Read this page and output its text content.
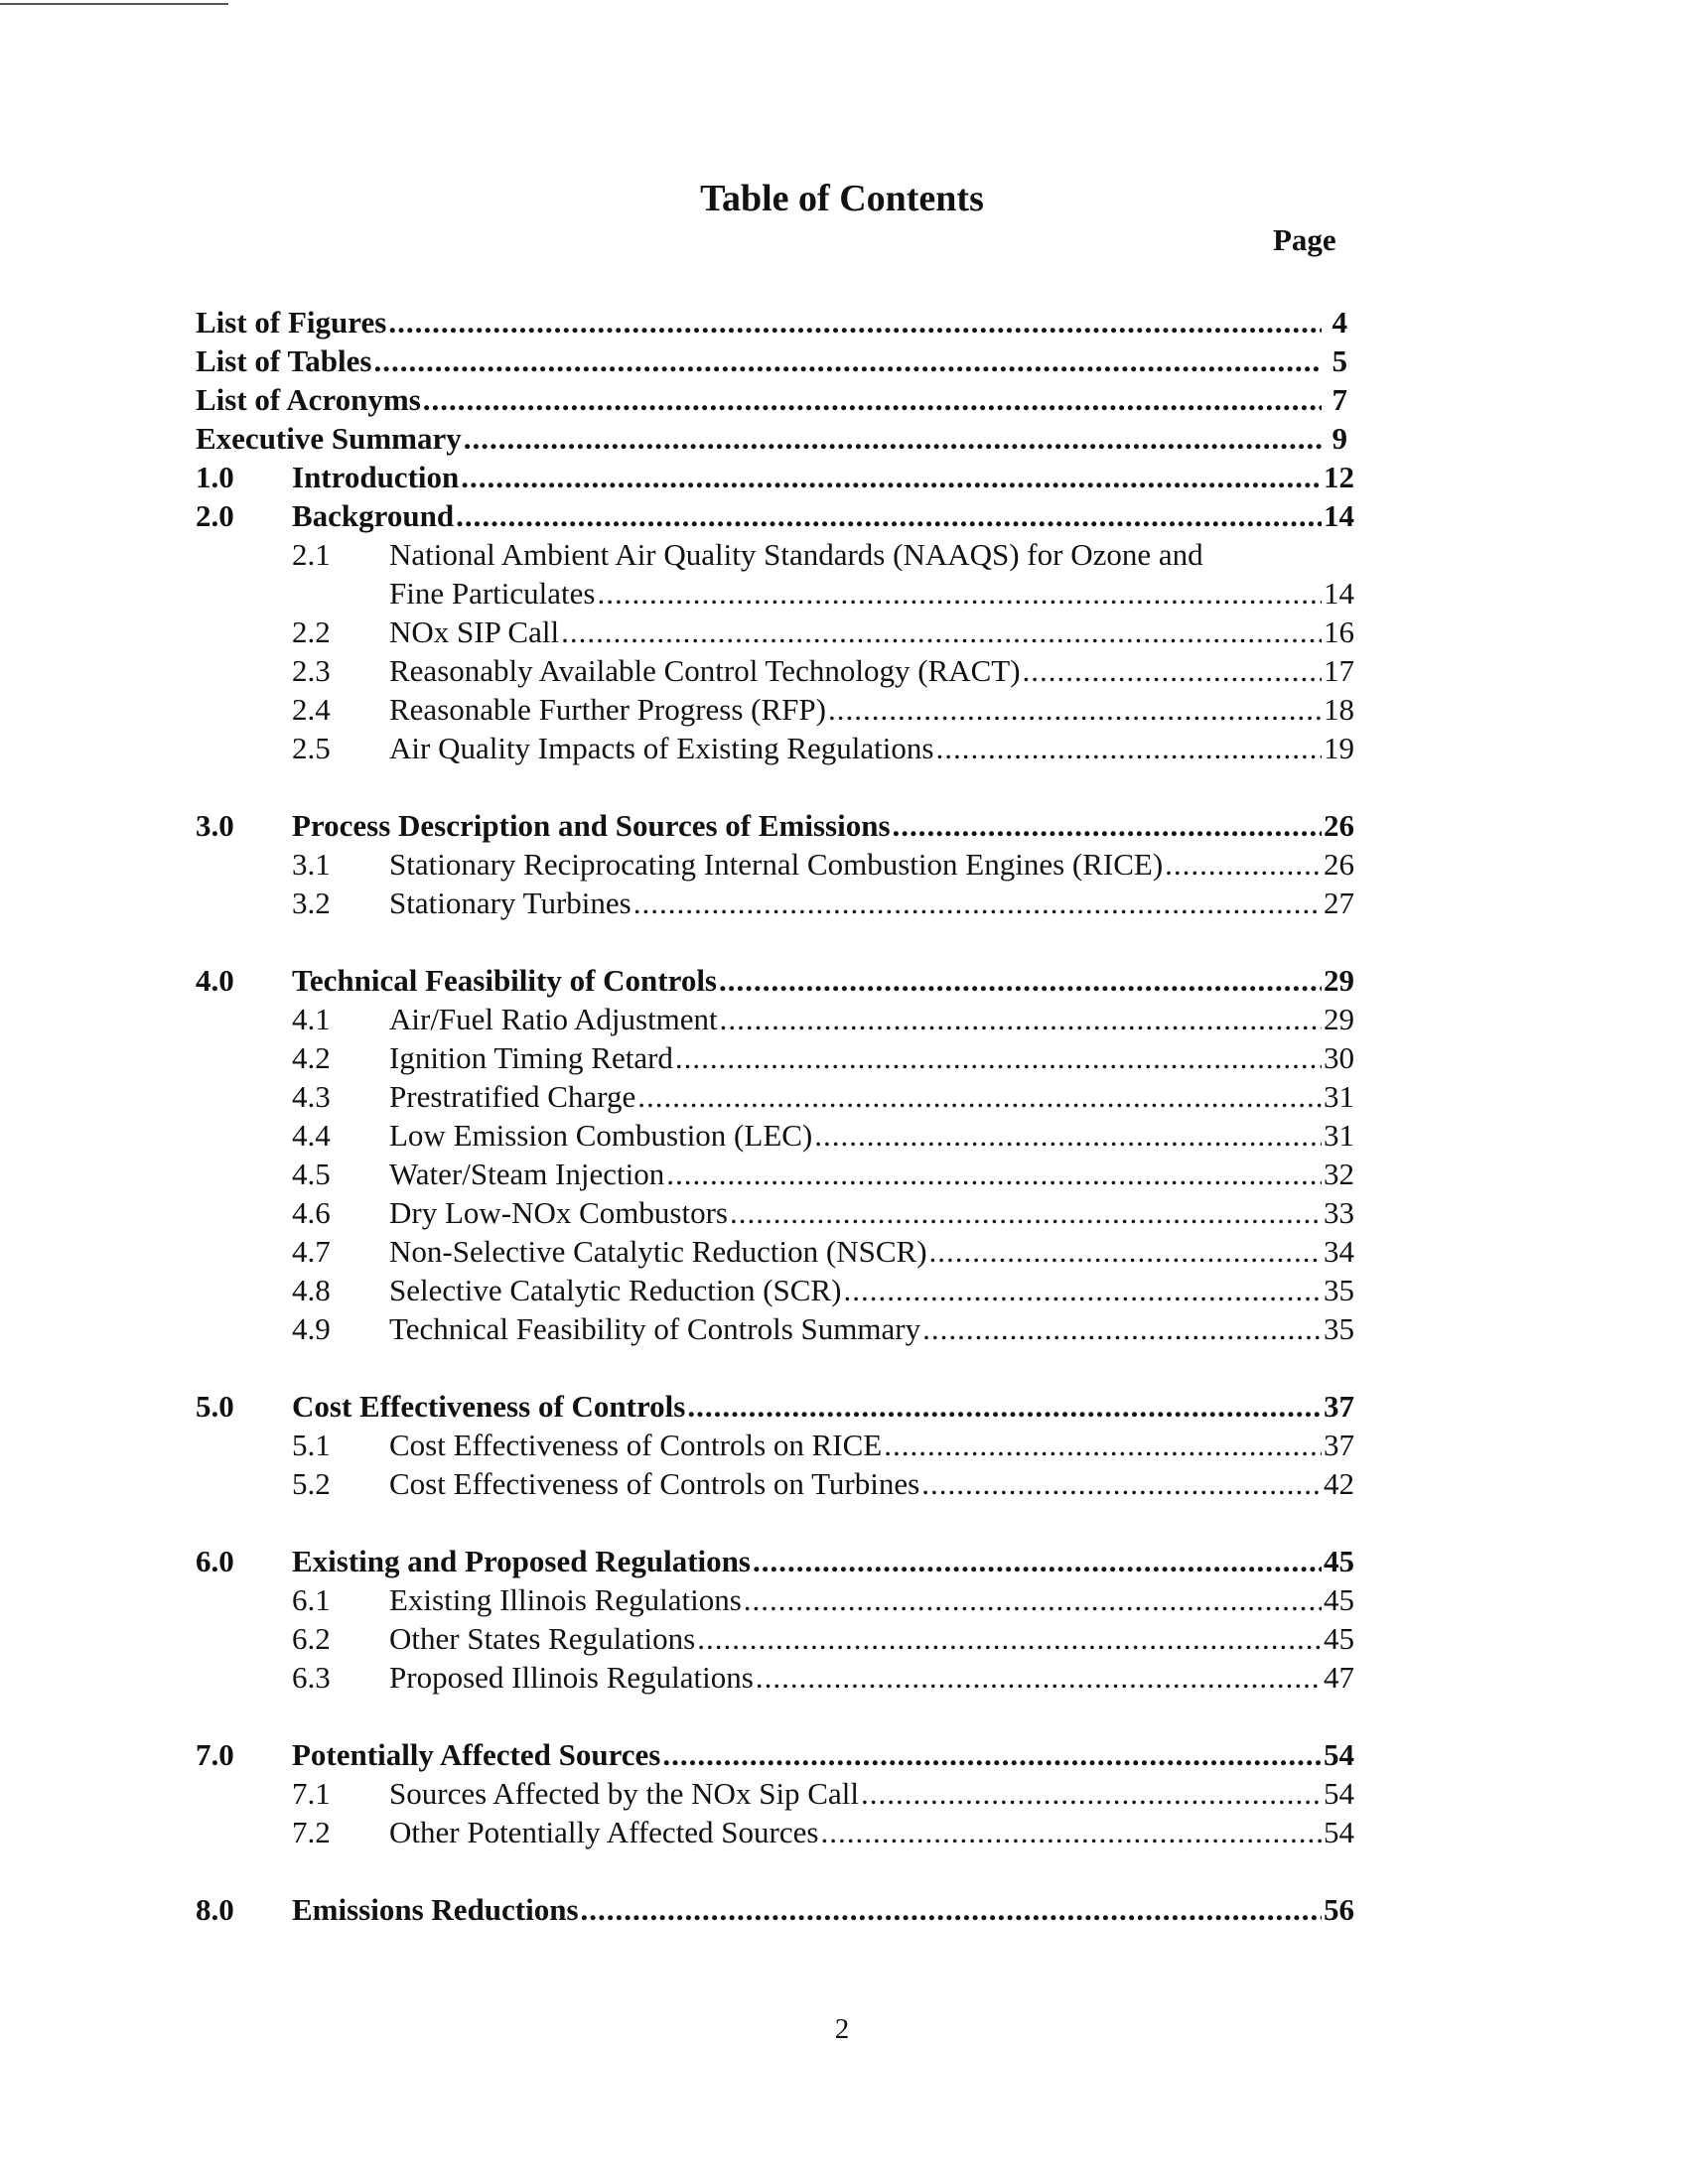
Table of Contents
Page
List of Figures .....	4
List of Tables .....	5
List of Acronyms .....	7
Executive Summary .....	9
1.0 Introduction .....	12
2.0 Background .....	14
2.1 National Ambient Air Quality Standards (NAAQS) for Ozone and
Fine Particulates .....	14
2.2 NOx SIP Call .....	16
2.3 Reasonably Available Control Technology (RACT) .....	17
2.4 Reasonable Further Progress (RFP) .....	18
2.5 Air Quality Impacts of Existing Regulations .....	19
3.0 Process Description and Sources of Emissions .....	26
3.1 Stationary Reciprocating Internal Combustion Engines (RICE) .....	26
3.2 Stationary Turbines .....	27
4.0 Technical Feasibility of Controls .....	29
4.1 Air/Fuel Ratio Adjustment .....	29
4.2 Ignition Timing Retard .....	30
4.3 Prestratified Charge .....	31
4.4 Low Emission Combustion (LEC) .....	31
4.5 Water/Steam Injection .....	32
4.6 Dry Low-NOx Combustors .....	33
4.7 Non-Selective Catalytic Reduction (NSCR) .....	34
4.8 Selective Catalytic Reduction (SCR) .....	35
4.9 Technical Feasibility of Controls Summary .....	35
5.0 Cost Effectiveness of Controls .....	37
5.1 Cost Effectiveness of Controls on RICE .....	37
5.2 Cost Effectiveness of Controls on Turbines .....	42
6.0 Existing and Proposed Regulations .....	45
6.1 Existing Illinois Regulations .....	45
6.2 Other States Regulations .....	45
6.3 Proposed Illinois Regulations .....	47
7.0 Potentially Affected Sources .....	54
7.1 Sources Affected by the NOx Sip Call .....	54
7.2 Other Potentially Affected Sources .....	54
8.0 Emissions Reductions .....	56
2
